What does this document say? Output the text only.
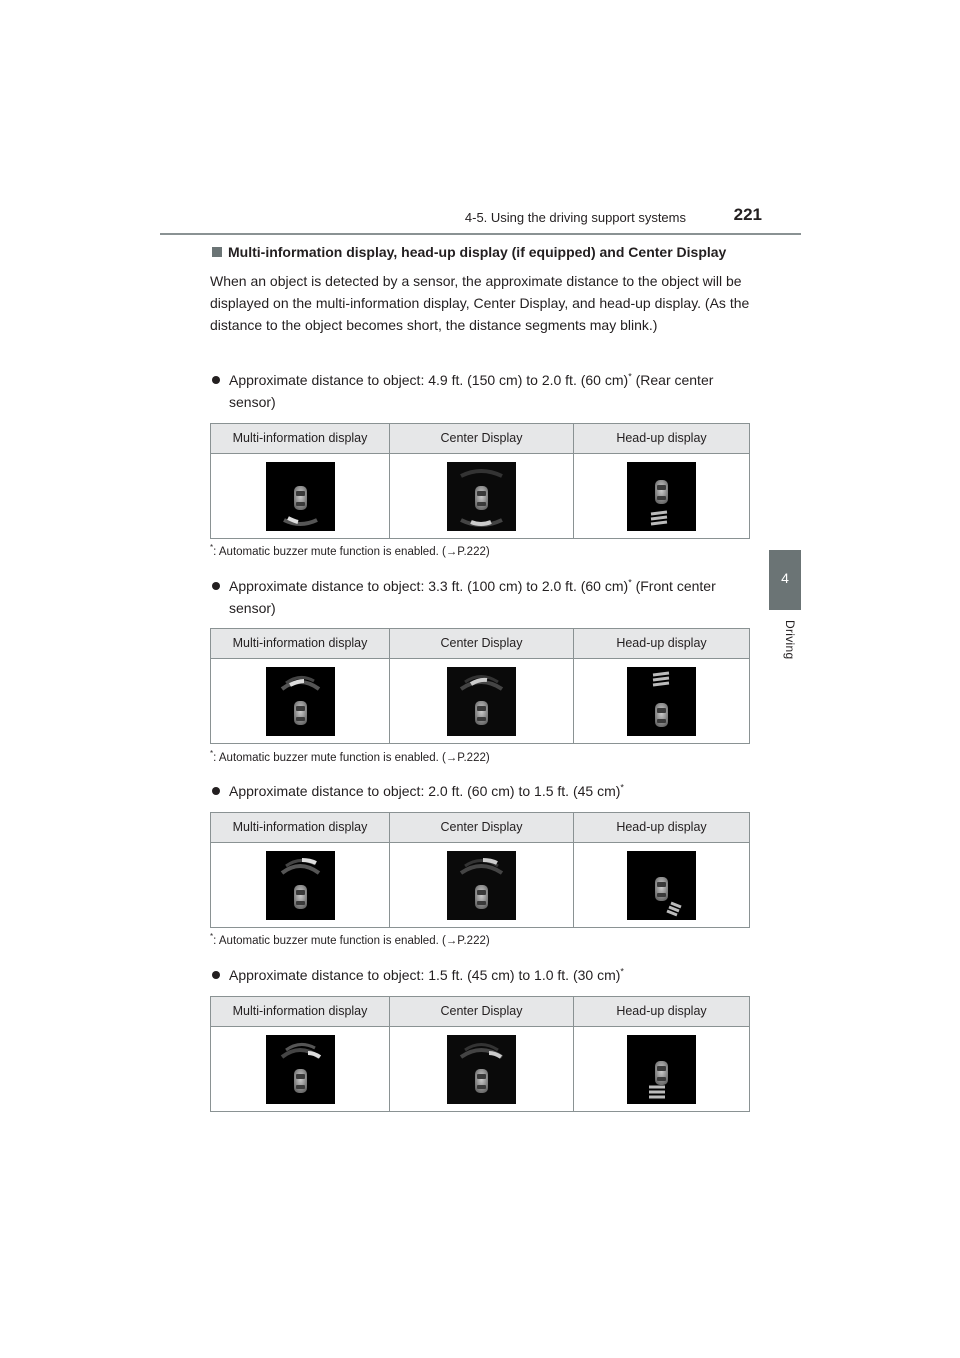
4-5. Using the driving support systems	221
4
Driving
Multi-information display, head-up display (if equipped) and Center Display
When an object is detected by a sensor, the approximate distance to the object will be displayed on the multi-information display, Center Display, and head-up display. (As the distance to the object becomes short, the distance segments may blink.)
Approximate distance to object: 4.9 ft. (150 cm) to 2.0 ft. (60 cm)* (Rear center sensor)
Multi-information display	Center Display	Head-up display
*: Automatic buzzer mute function is enabled. (→P.222)
Approximate distance to object: 3.3 ft. (100 cm) to 2.0 ft. (60 cm)* (Front center sensor)
Multi-information display	Center Display	Head-up display
*: Automatic buzzer mute function is enabled. (→P.222)
Approximate distance to object: 2.0 ft. (60 cm) to 1.5 ft. (45 cm)*
Multi-information display	Center Display	Head-up display
*: Automatic buzzer mute function is enabled. (→P.222)
Approximate distance to object: 1.5 ft. (45 cm) to 1.0 ft. (30 cm)*
Multi-information display	Center Display	Head-up display
